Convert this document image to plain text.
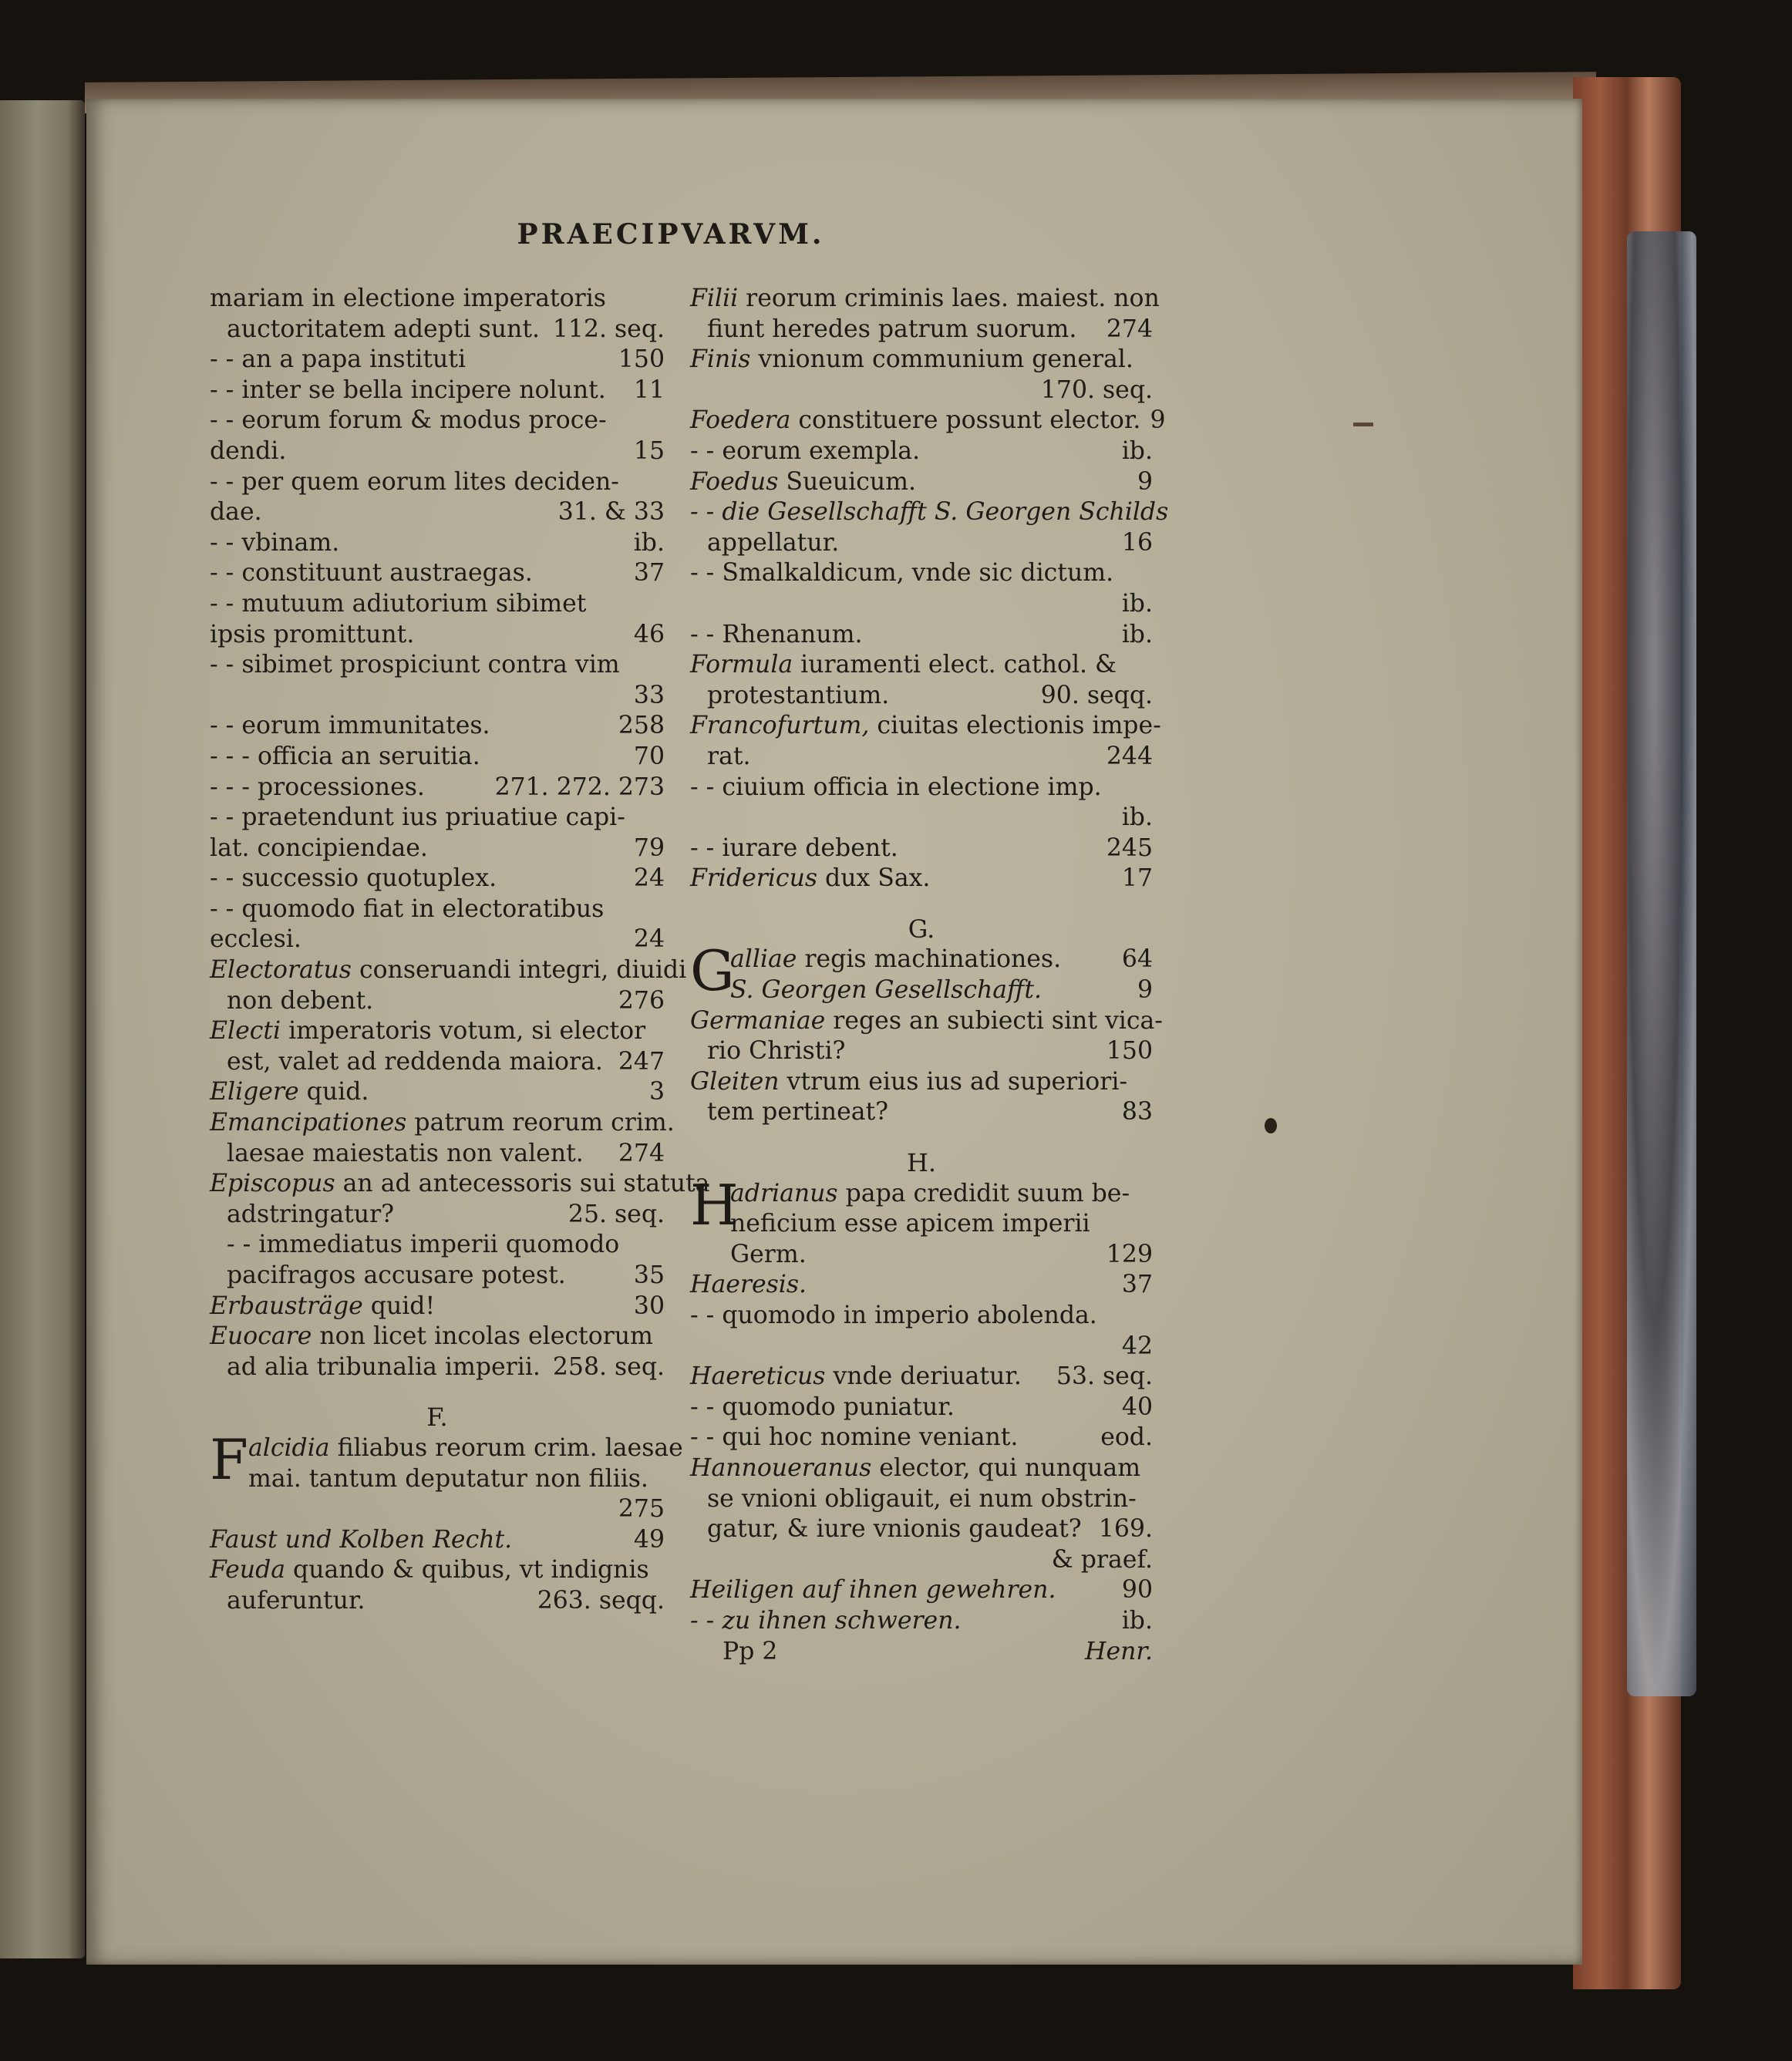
PRAECIPVARVM.
mariam in electione imperatoris
auctoritatem adepti sunt. 112. seq.
- - an a papa instituti	150
- - inter se bella incipere nolunt. 11
- - eorum forum & modus proce-
dendi.	15
- - per quem eorum lites deciden-
dae.	31. & 33
- - vbinam.	ib.
- - constituunt austraegas.	37
- - mutuum adiutorium sibimet
ipsis promittunt.	46
- - sibimet prospiciunt contra vim
33
- - eorum immunitates.	258
- - - officia an seruitia.	70
- - - processiones.	271. 272. 273
- - praetendunt ius priuatiue capi-
lat. concipiendae.	79
- - successio quotuplex.	24
- - quomodo fiat in electoratibus
ecclesi.	24
Electoratus conseruandi integri, diuidi
non debent.	276
Electi imperatoris votum, si elector
est, valet ad reddenda maiora. 247
Eligere quid.	3
Emancipationes patrum reorum crim.
laesae maiestatis non valent. 274
Episcopus an ad antecessoris sui statuta
adstringatur?	25. seq.
- - immediatus imperii quomodo
pacifragos accusare potest.	35
Erbausträge quid!	30
Euocare non licet incolas electorum
ad alia tribunalia imperii. 258. seq.
F.
F alcidia filiabus reorum crim. laesae
mai. tantum deputatur non filiis.
275
Faust und Kolben Recht.	49
Feuda quando & quibus, vt indignis
auferuntur.	263. seqq.
Filii reorum criminis laes. maiest. non
fiunt heredes patrum suorum. 274
Finis vnionum communium general.
170. seq.
Foedera constituere possunt elector. 9
- - eorum exempla.	ib.
Foedus Sueuicum.	9
- - die Gesellschafft S. Georgen Schilds
appellatur.	16
- - Smalkaldicum, vnde sic dictum.
ib.
- - Rhenanum.	ib.
Formula iuramenti elect. cathol. &
protestantium.	90. seqq.
Francofurtum, ciuitas electionis impe-
rat.	244
- - ciuium officia in electione imp.
ib.
- - iurare debent.	245
Fridericus dux Sax.	17
G.
G
alliae regis machinationes.	64
S. Georgen Gesellschafft.	9
Germaniae reges an subiecti sint vica-
rio Christi?	150
Gleiten vtrum eius ius ad superiori-
tem pertineat?	83
H.
H
adrianus papa credidit suum be-
neficium esse apicem imperii
Germ.	129
Haeresis.	37
- - quomodo in imperio abolenda.
42
Haereticus vnde deriuatur. 53. seq.
- - quomodo puniatur.	40
- - qui hoc nomine veniant.	eod.
Hannoueranus elector, qui nunquam
se vnioni obligauit, ei num obstrin-
gatur, & iure vnionis gaudeat? 169.
& praef.
Heiligen auf ihnen gewehren.	90
- - zu ihnen schweren.	ib.
Pp 2	Henr.
